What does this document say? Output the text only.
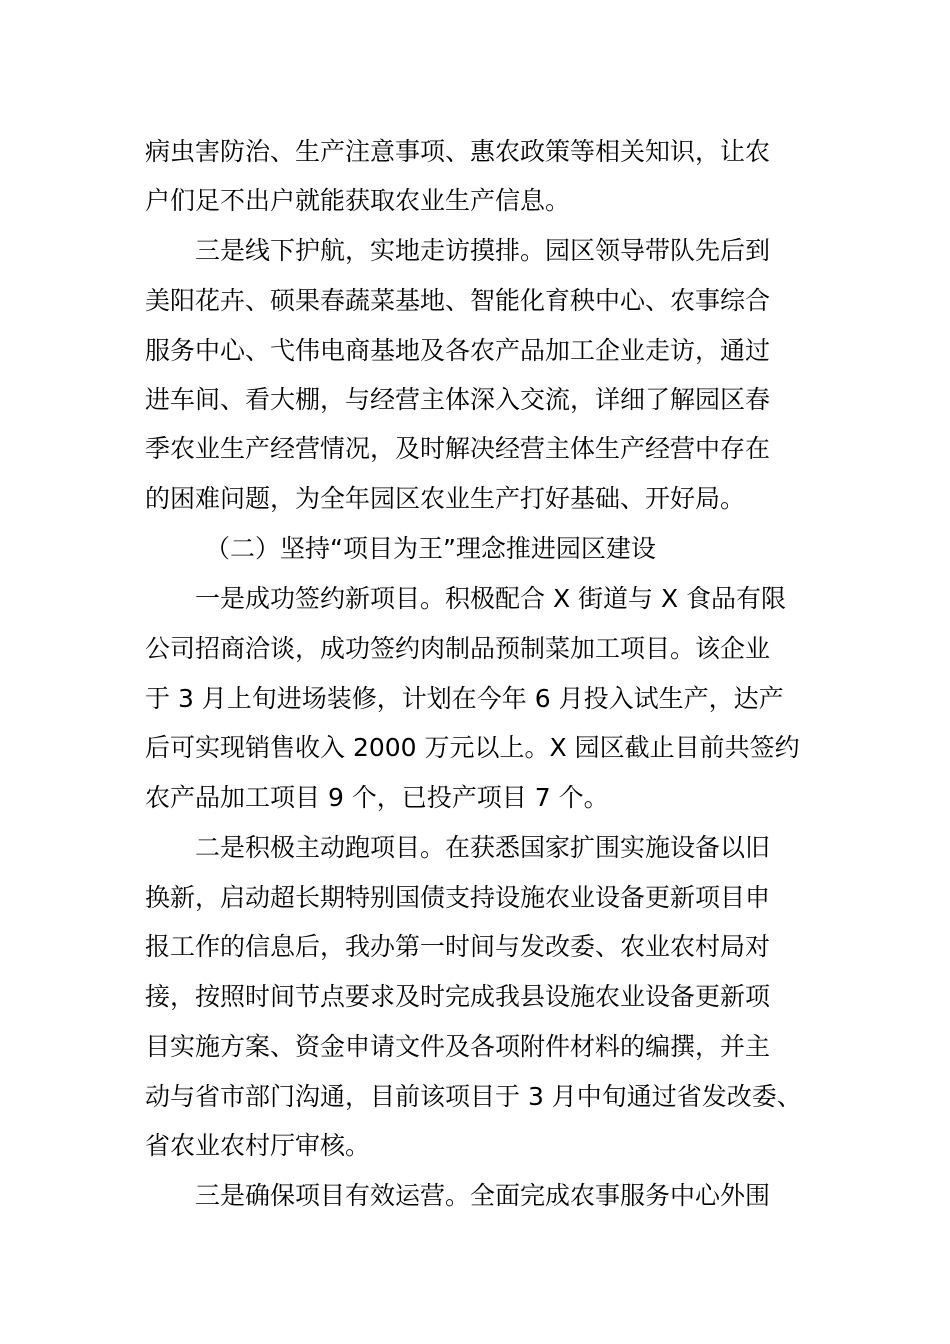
病虫害防治、生产注意事项、惠农政策等相关知识，让农
户们足不出户就能获取农业生产信息。
三是线下护航，实地走访摸排。园区领导带队先后到
美阳花卉、硕果春蔬菜基地、智能化育秧中心、农事综合
服务中心、弋伟电商基地及各农产品加工企业走访，通过
进车间、看大棚，与经营主体深入交流，详细了解园区春
季农业生产经营情况，及时解决经营主体生产经营中存在
的困难问题，为全年园区农业生产打好基础、开好局。
（二）坚持“项目为王”理念推进园区建设
一是成功签约新项目。积极配合 X 街道与 X 食品有限
公司招商洽谈，成功签约肉制品预制菜加工项目。该企业
于 3 月上旬进场装修，计划在今年 6 月投入试生产，达产
后可实现销售收入 2000 万元以上。X 园区截止目前共签约
农产品加工项目 9 个，已投产项目 7 个。
二是积极主动跑项目。在获悉国家扩围实施设备以旧
换新，启动超长期特别国债支持设施农业设备更新项目申
报工作的信息后，我办第一时间与发改委、农业农村局对
接，按照时间节点要求及时完成我县设施农业设备更新项
目实施方案、资金申请文件及各项附件材料的编撰，并主
动与省市部门沟通，目前该项目于 3 月中旬通过省发改委、
省农业农村厅审核。
三是确保项目有效运营。全面完成农事服务中心外围
